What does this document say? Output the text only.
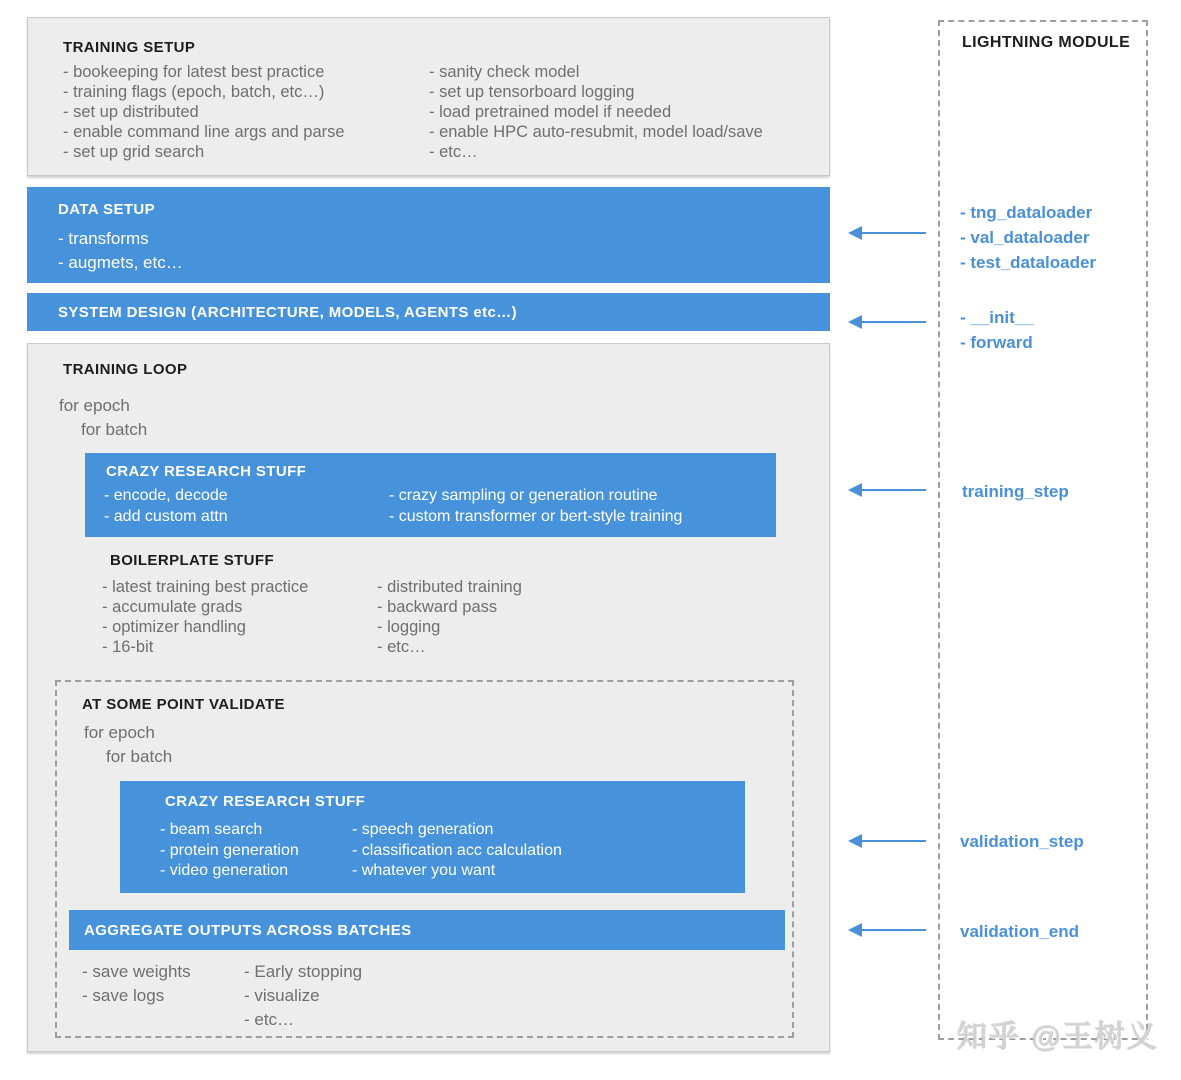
TRAINING SETUP
- bookeeping for latest best practice
- training flags (epoch, batch, etc…)
- set up distributed
- enable command line args and parse
- set up grid search
- sanity check model
- set up tensorboard logging
- load pretrained model if needed
- enable HPC auto-resubmit, model load/save
- etc…
DATA SETUP
- transforms
- augmets, etc…
SYSTEM DESIGN (ARCHITECTURE, MODELS, AGENTS etc…)
TRAINING LOOP
for epoch
for batch
CRAZY RESEARCH STUFF
- encode, decode
- add custom attn
- crazy sampling or generation routine
- custom transformer or bert-style training
BOILERPLATE STUFF
- latest training best practice
- accumulate grads
- optimizer handling
- 16-bit
- distributed training
- backward pass
- logging
- etc…
AT SOME POINT VALIDATE
for epoch
for batch
CRAZY RESEARCH STUFF
- beam search
- protein generation
- video generation
- speech generation
- classification acc calculation
- whatever you want
AGGREGATE OUTPUTS ACROSS BATCHES
- save weights
- save logs
- Early stopping
- visualize
- etc…
LIGHTNING MODULE
- tng_dataloader
- val_dataloader
- test_dataloader
- __init__
- forward
training_step
validation_step
validation_end
知乎 @王树义
